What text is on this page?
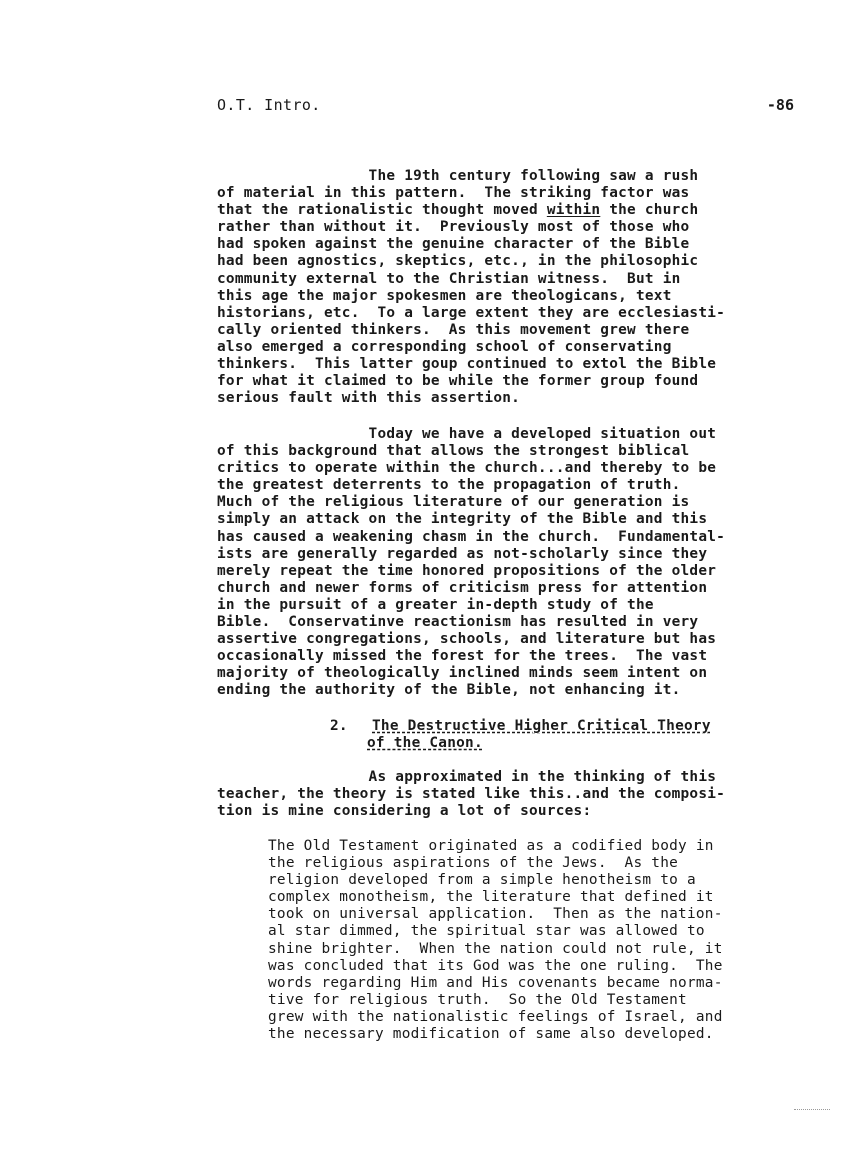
O.T. Intro.	-86

The 19th century following saw a rush
of material in this pattern.  The striking factor was
that the rationalistic thought moved within the church
rather than without it.  Previously most of those who
had spoken against the genuine character of the Bible
had been agnostics, skeptics, etc., in the philosophic
community external to the Christian witness.  But in
this age the major spokesmen are theologicans, text
historians, etc.  To a large extent they are ecclesiasti-
cally oriented thinkers.  As this movement grew there
also emerged a corresponding school of conservating
thinkers.  This latter goup continued to extol the Bible
for what it claimed to be while the former group found
serious fault with this assertion.

Today we have a developed situation out
of this background that allows the strongest biblical
critics to operate within the church...and thereby to be
the greatest deterrents to the propagation of truth.
Much of the religious literature of our generation is
simply an attack on the integrity of the Bible and this
has caused a weakening chasm in the church.  Fundamental-
ists are generally regarded as not-scholarly since they
merely repeat the time honored propositions of the older
church and newer forms of criticism press for attention
in the pursuit of a greater in-depth study of the
Bible.  Conservatinve reactionism has resulted in very
assertive congregations, schools, and literature but has
occasionally missed the forest for the trees.  The vast
majority of theologically inclined minds seem intent on
ending the authority of the Bible, not enhancing it.

2. The Destructive Higher Critical Theory
of the Canon.

As approximated in the thinking of this
teacher, the theory is stated like this..and the composi-
tion is mine considering a lot of sources:

The Old Testament originated as a codified body in
the religious aspirations of the Jews.  As the
religion developed from a simple henotheism to a
complex monotheism, the literature that defined it
took on universal application.  Then as the nation-
al star dimmed, the spiritual star was allowed to
shine brighter.  When the nation could not rule, it
was concluded that its God was the one ruling.  The
words regarding Him and His covenants became norma-
tive for religious truth.  So the Old Testament
grew with the nationalistic feelings of Israel, and
the necessary modification of same also developed.
